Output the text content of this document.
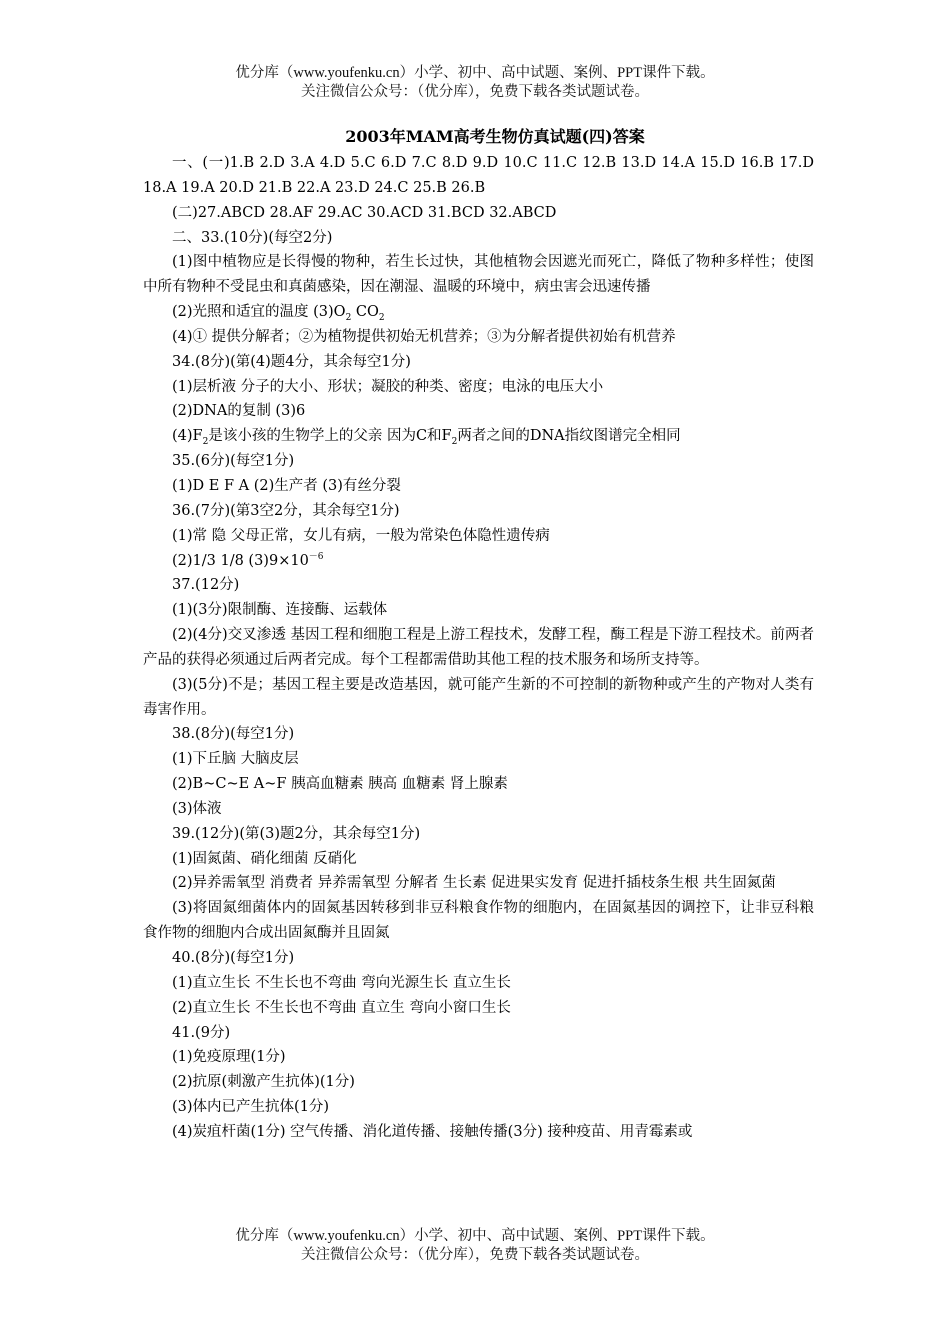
优分库（www.youfenku.cn）小学、初中、高中试题、案例、PPT课件下载。
关注微信公众号：（优分库），免费下载各类试题试卷。
2003年MAM高考生物仿真试题(四)答案

一、(一)1.B 2.D 3.A 4.D 5.C 6.D 7.C 8.D 9.D 10.C 11.C 12.B 13.D 14.A 15.D 16.B 17.D 18.A 19.A 20.D 21.B 22.A 23.D 24.C 25.B 26.B

(二)27.ABCD 28.AF 29.AC 30.ACD 31.BCD 32.ABCD

二、33.(10分)(每空2分)

(1)图中植物应是长得慢的物种，若生长过快，其他植物会因遮光而死亡，降低了物种多样性；使图中所有物种不受昆虫和真菌感染，因在潮湿、温暖的环境中，病虫害会迅速传播

(2)光照和适宜的温度 $(3)O_2$ $CO_2$

(4)① 提供分解者；②为植物提供初始无机营养；③为分解者提供初始有机营养

34.(8分)(第(4)题4分，其余每空1分)

(1)层析液 分子的大小、形状；凝胶的种类、密度；电泳的电压大小

(2)DNA的复制 (3)6

$(4)F_2$是该小孩的生物学上的父亲 因为C和$F_2$两者之间的DNA指纹图谱完全相同

35.(6分)(每空1分)

(1)D E F A (2)生产者 (3)有丝分裂

36.(7分)(第3空2分，其余每空1分)

(1)常 隐 父母正常，女儿有病，一般为常染色体隐性遗传病

(2)1/3 1/8 $(3)9\times 10^{-6}$

37.(12分)

(1)(3分)限制酶、连接酶、运载体

(2)(4分)交叉渗透 基因工程和细胞工程是上游工程技术，发酵工程，酶工程是下游工程技术。前两者产品的获得必须通过后两者完成。每个工程都需借助其他工程的技术服务和场所支持等。

(3)(5分)不是；基因工程主要是改造基因，就可能产生新的不可控制的新物种或产生的产物对人类有毒害作用。

38.(8分)(每空1分)

(1)下丘脑 大脑皮层

(2)B~C~E A~F 胰高血糖素 胰高 血糖素 肾上腺素

(3)体液

39.(12分)(第(3)题2分，其余每空1分)

(1)固氮菌、硝化细菌 反硝化

(2)异养需氧型 消费者 异养需氧型 分解者 生长素 促进果实发育 促进扦插枝条生根 共生固氮菌

(3)将固氮细菌体内的固氮基因转移到非豆科粮食作物的细胞内，在固氮基因的调控下，让非豆科粮食作物的细胞内合成出固氮酶并且固氮

40.(8分)(每空1分)

(1)直立生长 不生长也不弯曲 弯向光源生长 直立生长

(2)直立生长 不生长也不弯曲 直立生 弯向小窗口生长

41.(9分)

(1)免疫原理(1分)

(2)抗原(刺激产生抗体)(1分)

(3)体内已产生抗体(1分)

(4)炭疽杆菌(1分) 空气传播、消化道传播、接触传播(3分) 接种疫苗、用青霉素或

优分库（www.youfenku.cn）小学、初中、高中试题、案例、PPT课件下载。
关注微信公众号：（优分库），免费下载各类试题试卷。
